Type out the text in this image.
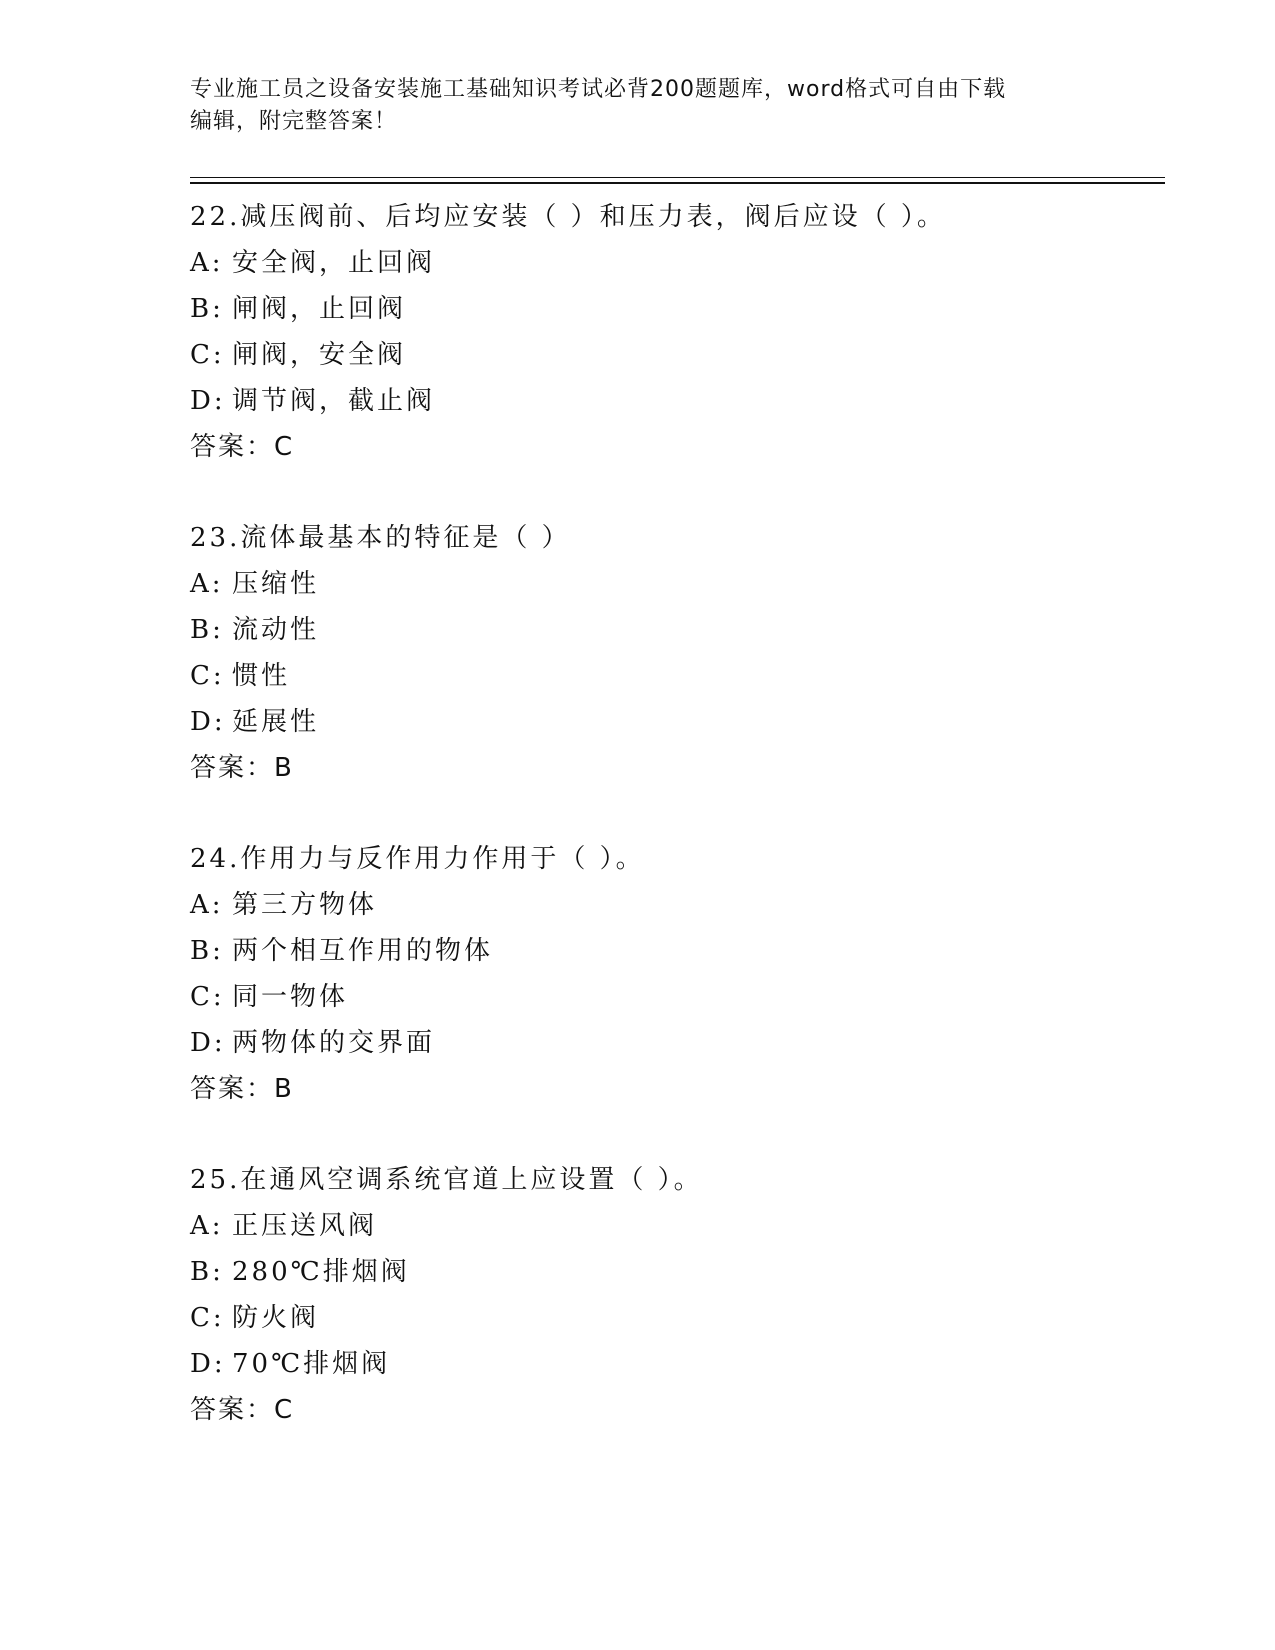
专业施工员之设备安装施工基础知识考试必背200题题库，word格式可自由下载
编辑，附完整答案！
22.减压阀前、后均应安装（ ）和压力表，阀后应设（ ）。
A: 安全阀，止回阀
B: 闸阀，止回阀
C: 闸阀，安全阀
D: 调节阀，截止阀
答案：C
23.流体最基本的特征是（ ）
A: 压缩性
B: 流动性
C: 惯性
D: 延展性
答案：B
24.作用力与反作用力作用于（ ）。
A: 第三方物体
B: 两个相互作用的物体
C: 同一物体
D: 两物体的交界面
答案：B
25.在通风空调系统官道上应设置（ ）。
A: 正压送风阀
B: 280℃排烟阀
C: 防火阀
D: 70℃排烟阀
答案：C
